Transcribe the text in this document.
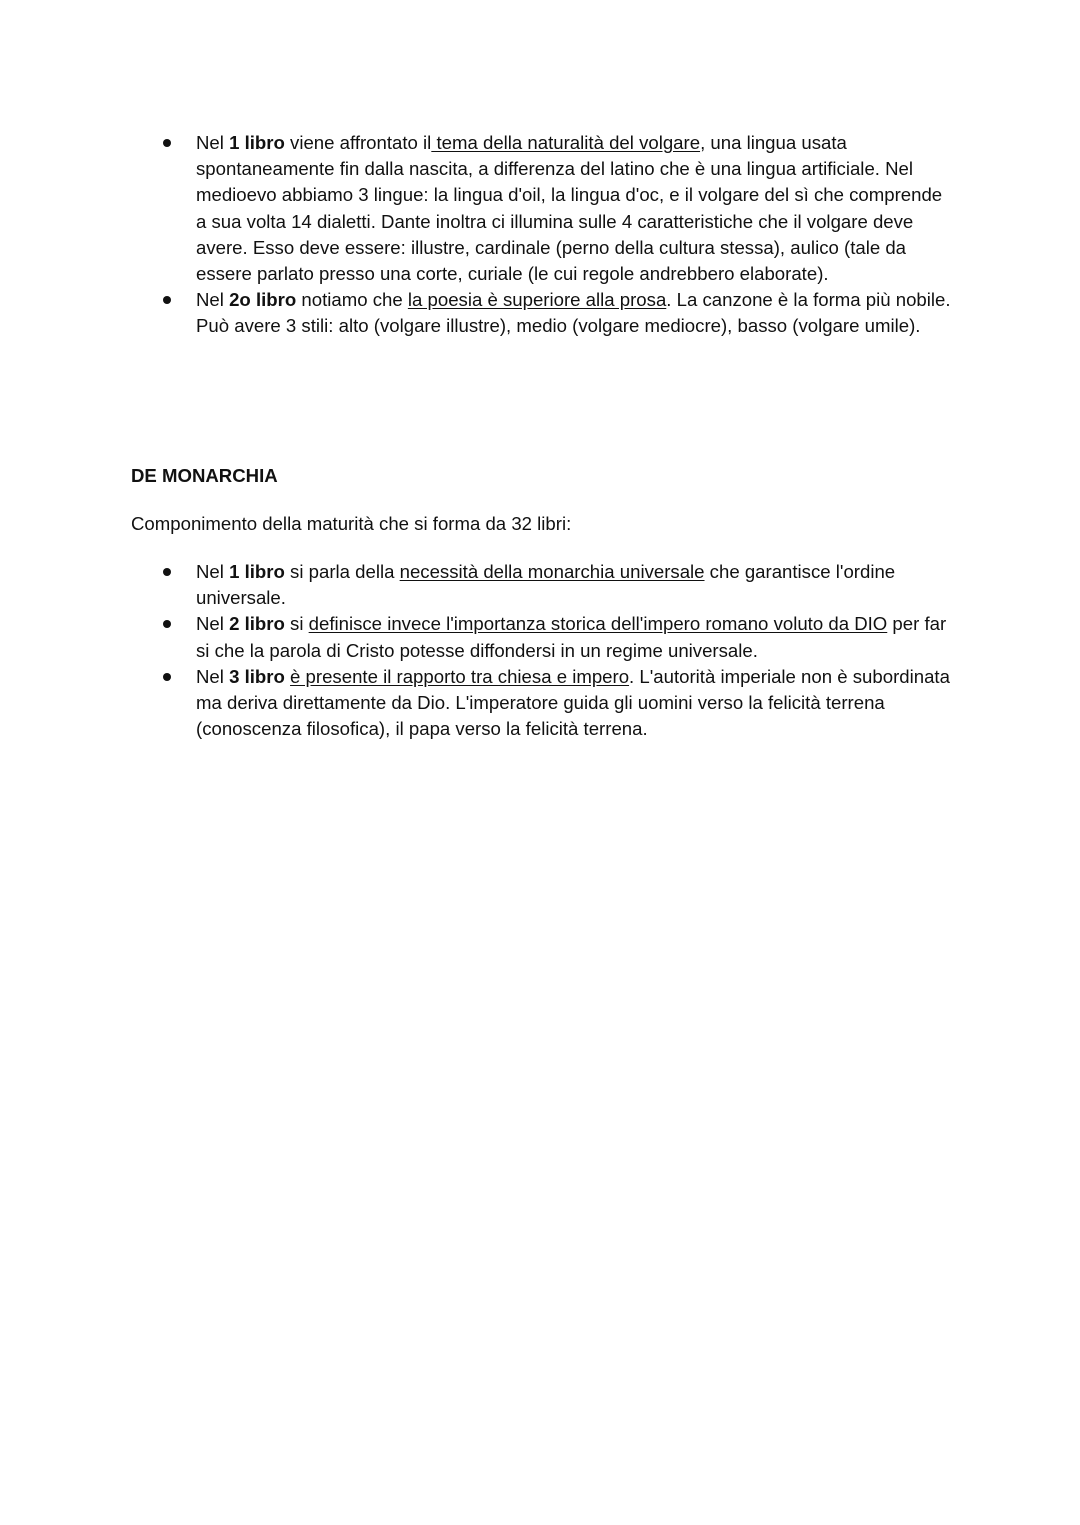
Nel 1 libro viene affrontato il tema della naturalità del volgare, una lingua usata spontaneamente fin dalla nascita, a differenza del latino che è una lingua artificiale. Nel medioevo abbiamo 3 lingue: la lingua d'oil, la lingua d'oc, e il volgare del sì che comprende a sua volta 14 dialetti. Dante inoltra ci illumina sulle 4 caratteristiche che il volgare deve avere. Esso deve essere: illustre, cardinale (perno della cultura stessa), aulico (tale da essere parlato presso una corte, curiale (le cui regole andrebbero elaborate).
Nel 2o libro notiamo che la poesia è superiore alla prosa. La canzone è la forma più nobile. Può avere 3 stili: alto (volgare illustre), medio (volgare mediocre), basso (volgare umile).

DE MONARCHIA

Componimento della maturità che si forma da 32 libri:

Nel 1 libro si parla della necessità della monarchia universale che garantisce l'ordine universale.
Nel 2 libro si definisce invece l'importanza storica dell'impero romano voluto da DIO per far si che la parola di Cristo potesse diffondersi in un regime universale.
Nel 3 libro è presente il rapporto tra chiesa e impero. L'autorità imperiale non è subordinata ma deriva direttamente da Dio. L'imperatore guida gli uomini verso la felicità terrena (conoscenza filosofica), il papa verso la felicità terrena.
